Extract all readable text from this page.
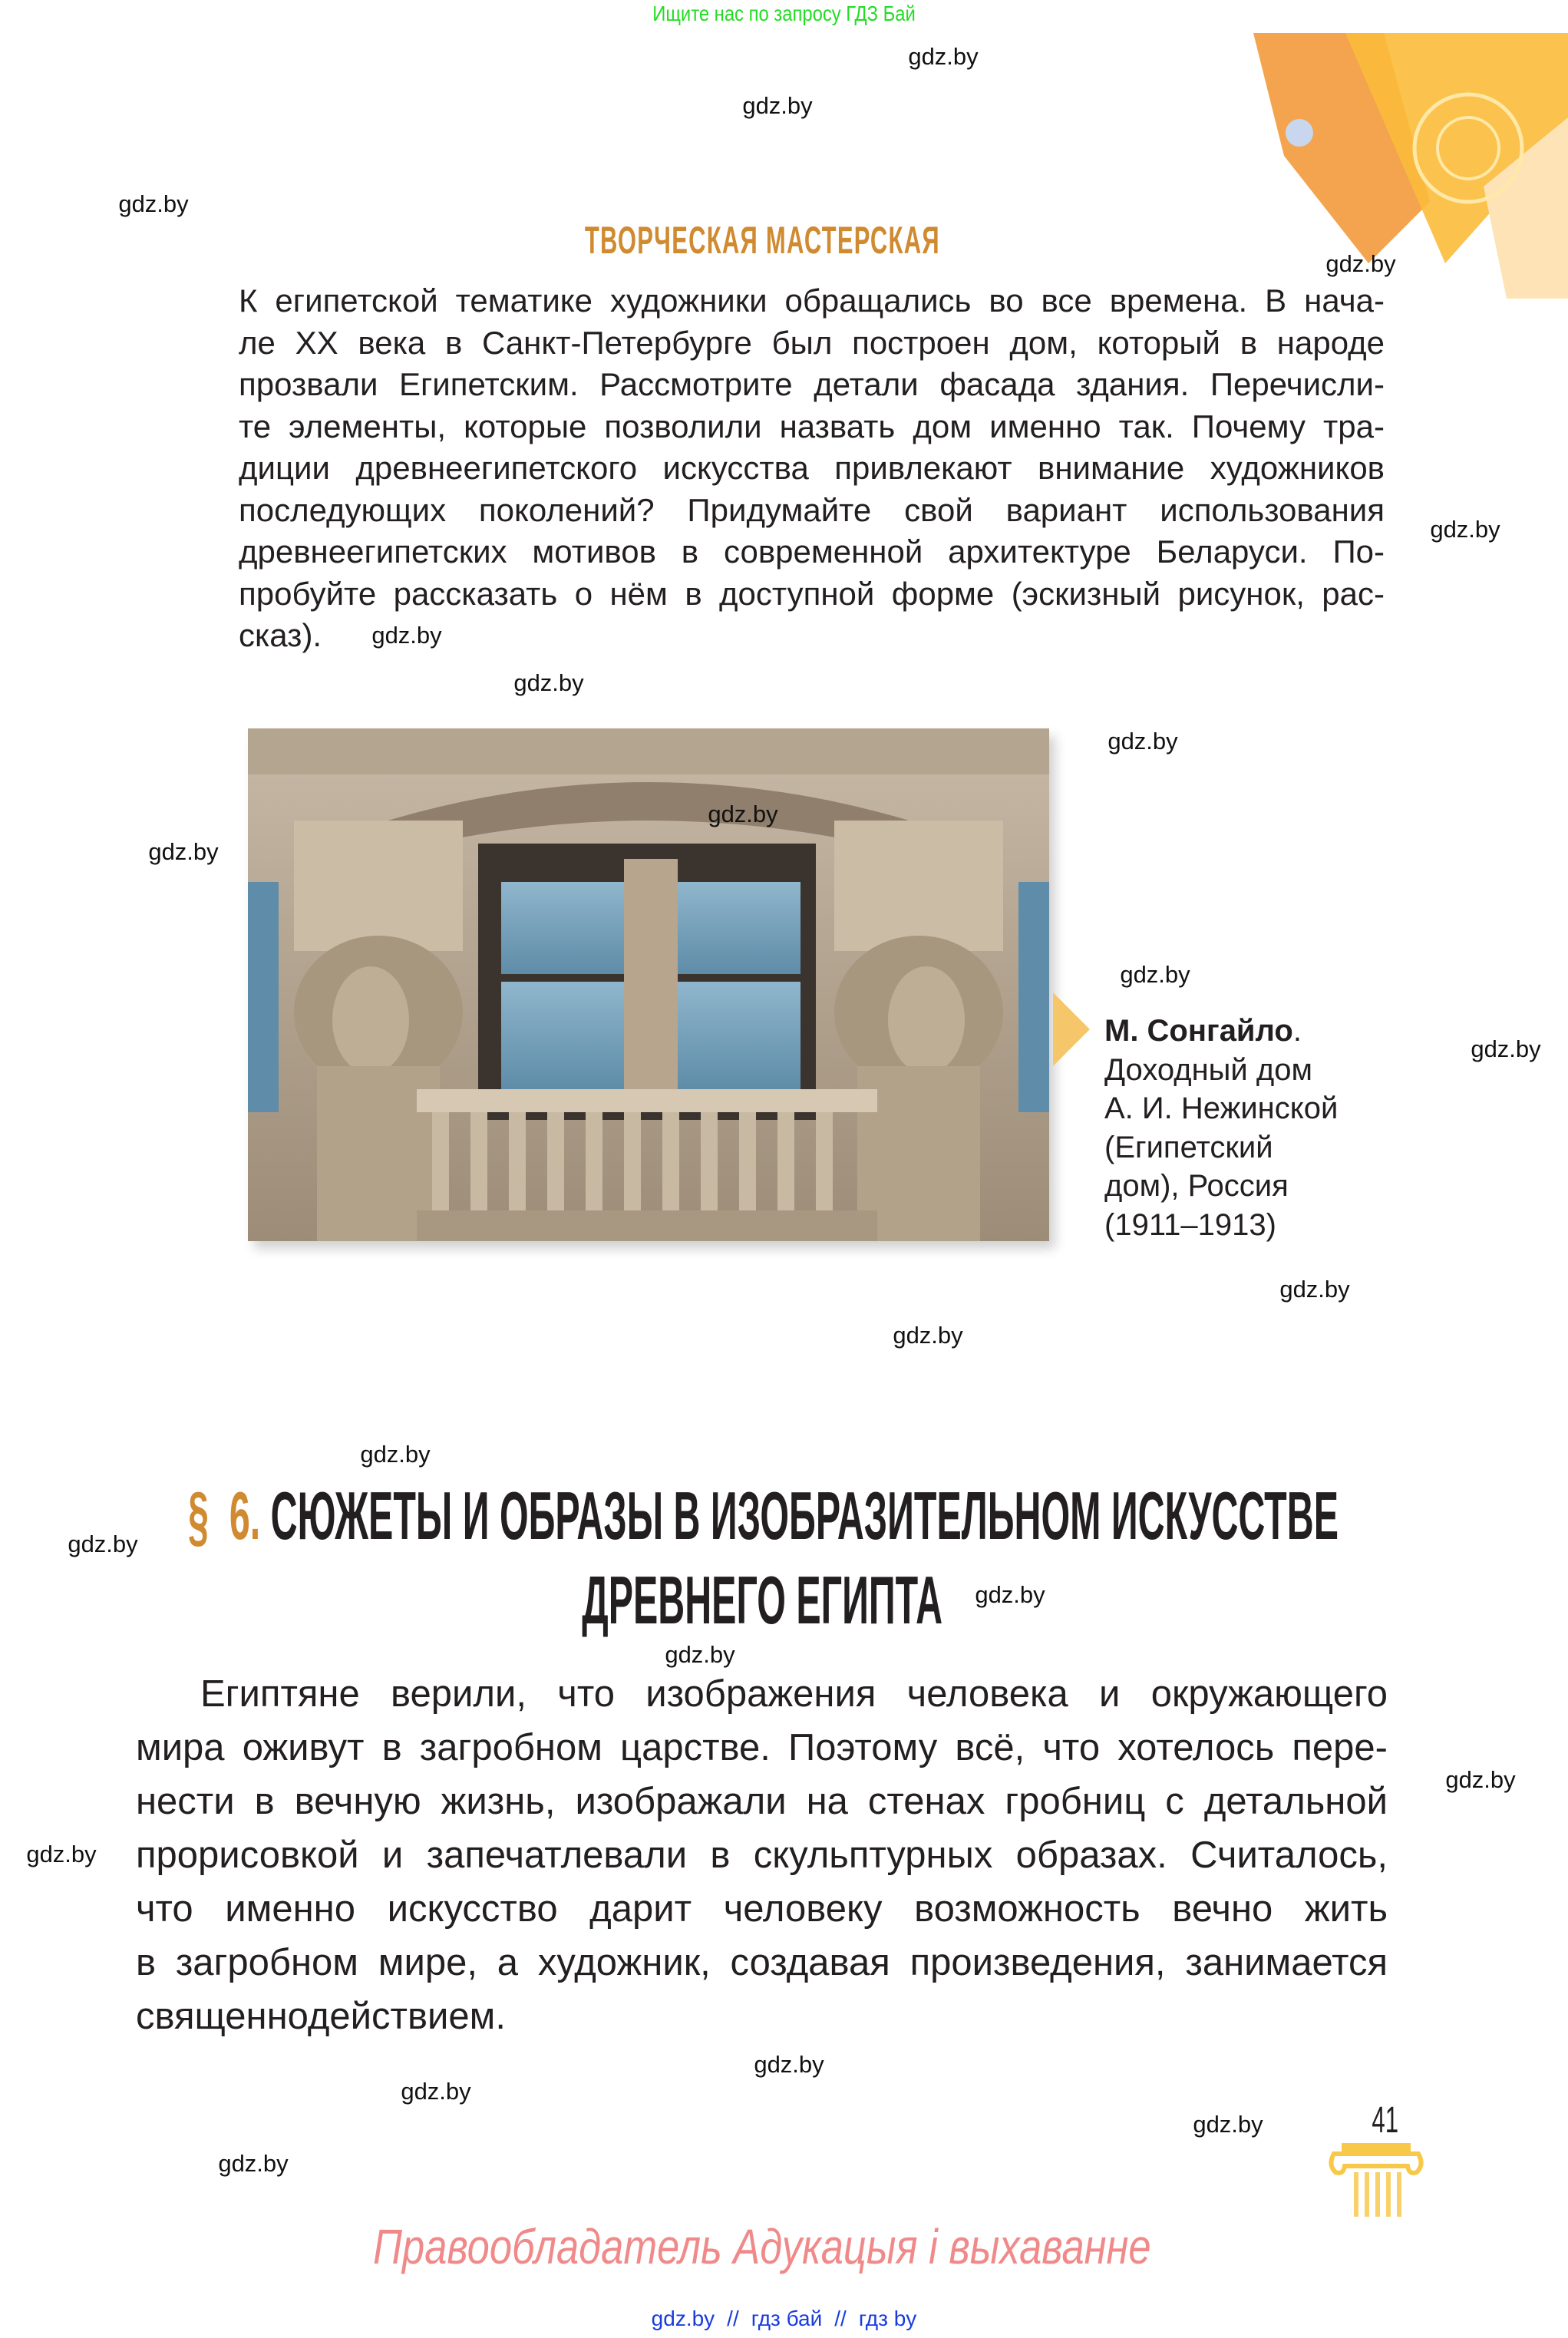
Ищите нас по запросу ГДЗ Бай
ТВОРЧЕСКАЯ МАСТЕРСКАЯ
К египетской тематике художники обращались во все времена. В нача-
ле XX века в Санкт-Петербурге был построен дом, который в народе
прозвали Египетским. Рассмотрите детали фасада здания. Перечисли-
те элементы, которые позволили назвать дом именно так. Почему тра-
диции древнеегипетского искусства привлекают внимание художников
последующих поколений? Придумайте свой вариант использования
древнеегипетских мотивов в современной архитектуре Беларуси. По-
пробуйте рассказать о нём в доступной форме (эскизный рисунок, рас-
сказ).
М. Сонгайло.
Доходный дом
А. И. Нежинской
(Египетский
дом), Россия
(1911–1913)
§ 6. СЮЖЕТЫ И ОБРАЗЫ В ИЗОБРАЗИТЕЛЬНОМ ИСКУССТВЕ
ДРЕВНЕГО ЕГИПТА
Египтяне верили, что изображения человека и окружающего
мира оживут в загробном царстве. Поэтому всё, что хотелось пере-
нести в вечную жизнь, изображали на стенах гробниц с детальной
прорисовкой и запечатлевали в скульптурных образах. Считалось,
что именно искусство дарит человеку возможность вечно жить
в загробном мире, а художник, создавая произведения, занимается
священнодействием.
41
Правообладатель Адукацыя і выхаванне
gdz.by // гдз бай // гдз by
gdz.by
gdz.by
gdz.by
gdz.by
gdz.by
gdz.by
gdz.by
gdz.by
gdz.by
gdz.by
gdz.by
gdz.by
gdz.by
gdz.by
gdz.by
gdz.by
gdz.by
gdz.by
gdz.by
gdz.by
gdz.by
gdz.by
gdz.by
gdz.by
